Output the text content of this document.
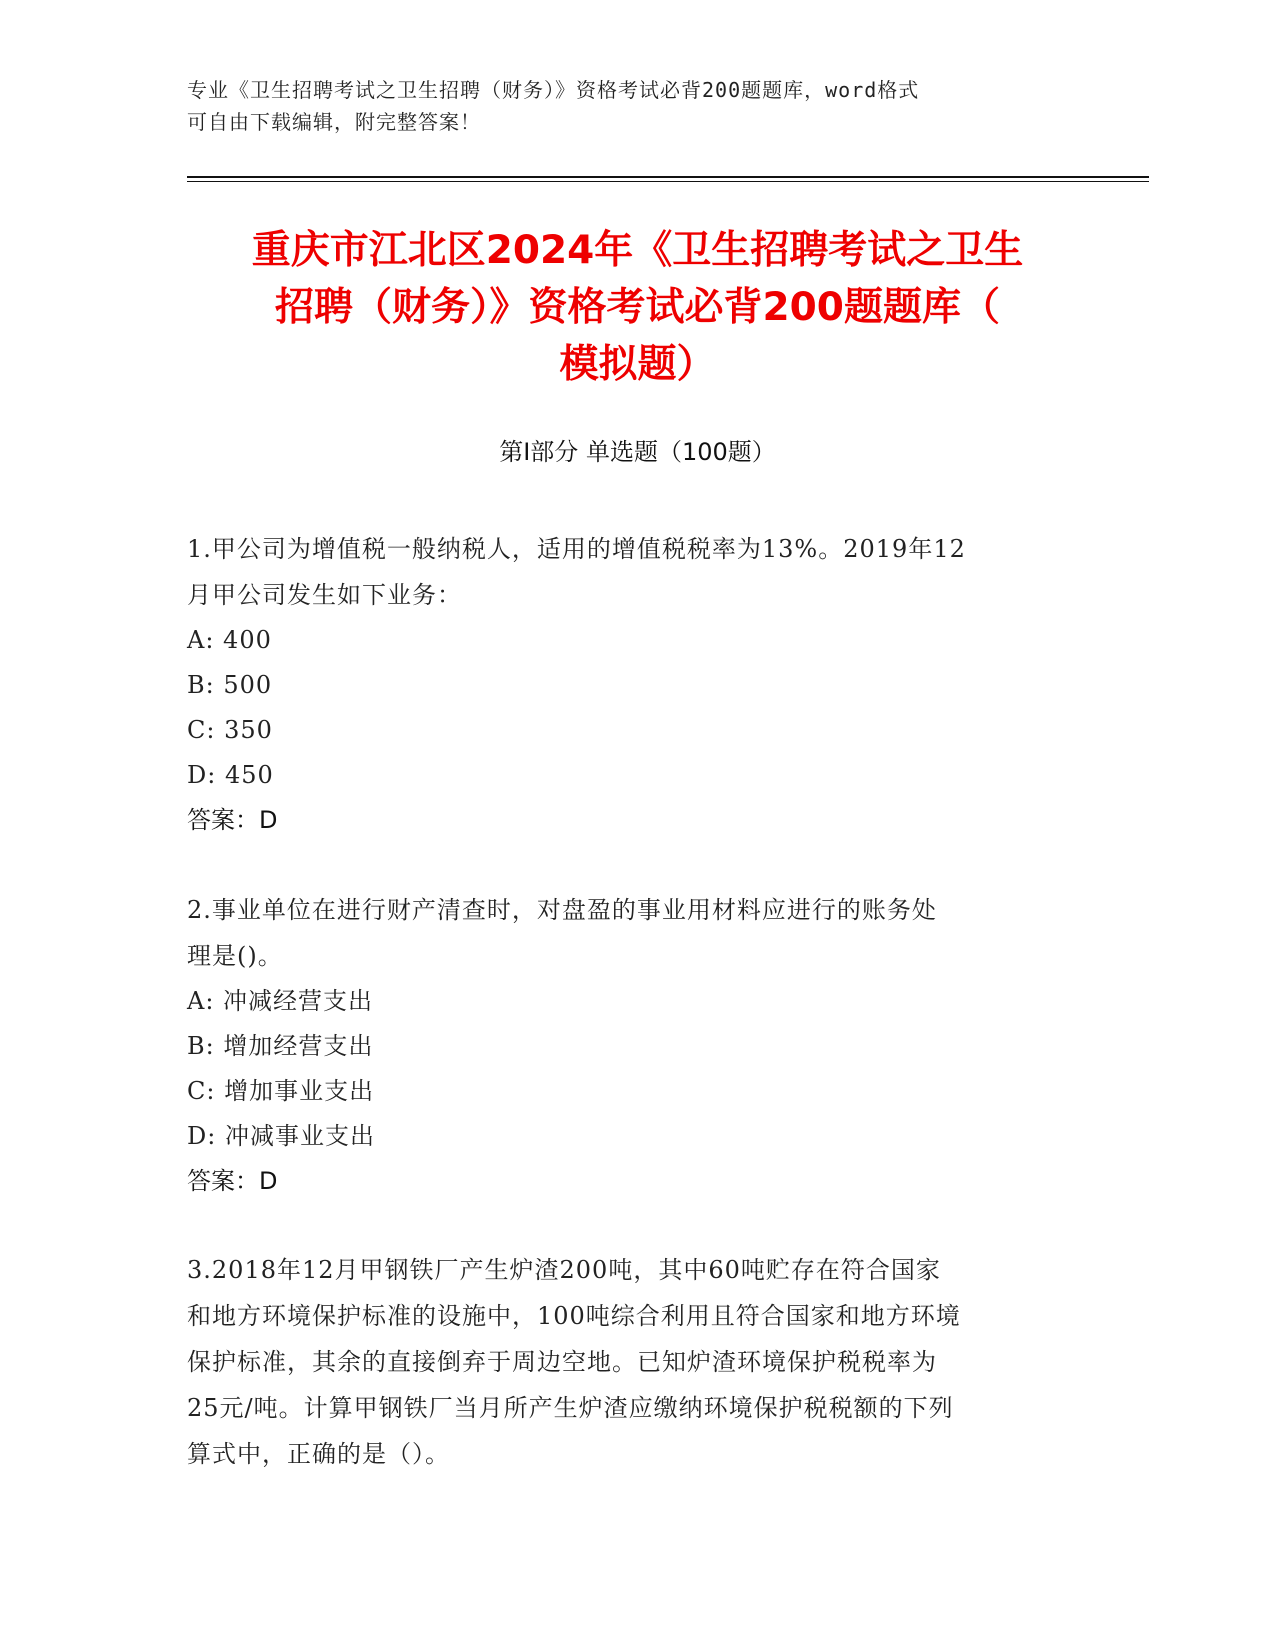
专业《卫生招聘考试之卫生招聘（财务）》资格考试必背200题题库，word格式
可自由下载编辑，附完整答案！
重庆市江北区2024年《卫生招聘考试之卫生
招聘（财务）》资格考试必背200题题库（
模拟题）
第Ⅰ部分 单选题（100题）
1.甲公司为增值税一般纳税人，适用的增值税税率为13%。2019年12
月甲公司发生如下业务：
A: 400
B: 500
C: 350
D: 450
答案：D
2.事业单位在进行财产清查时，对盘盈的事业用材料应进行的账务处
理是()。
A: 冲减经营支出
B: 增加经营支出
C: 增加事业支出
D: 冲减事业支出
答案：D
3.2018年12月甲钢铁厂产生炉渣200吨，其中60吨贮存在符合国家
和地方环境保护标准的设施中，100吨综合利用且符合国家和地方环境
保护标准，其余的直接倒弃于周边空地。已知炉渣环境保护税税率为
25元/吨。计算甲钢铁厂当月所产生炉渣应缴纳环境保护税税额的下列
算式中，正确的是（）。
